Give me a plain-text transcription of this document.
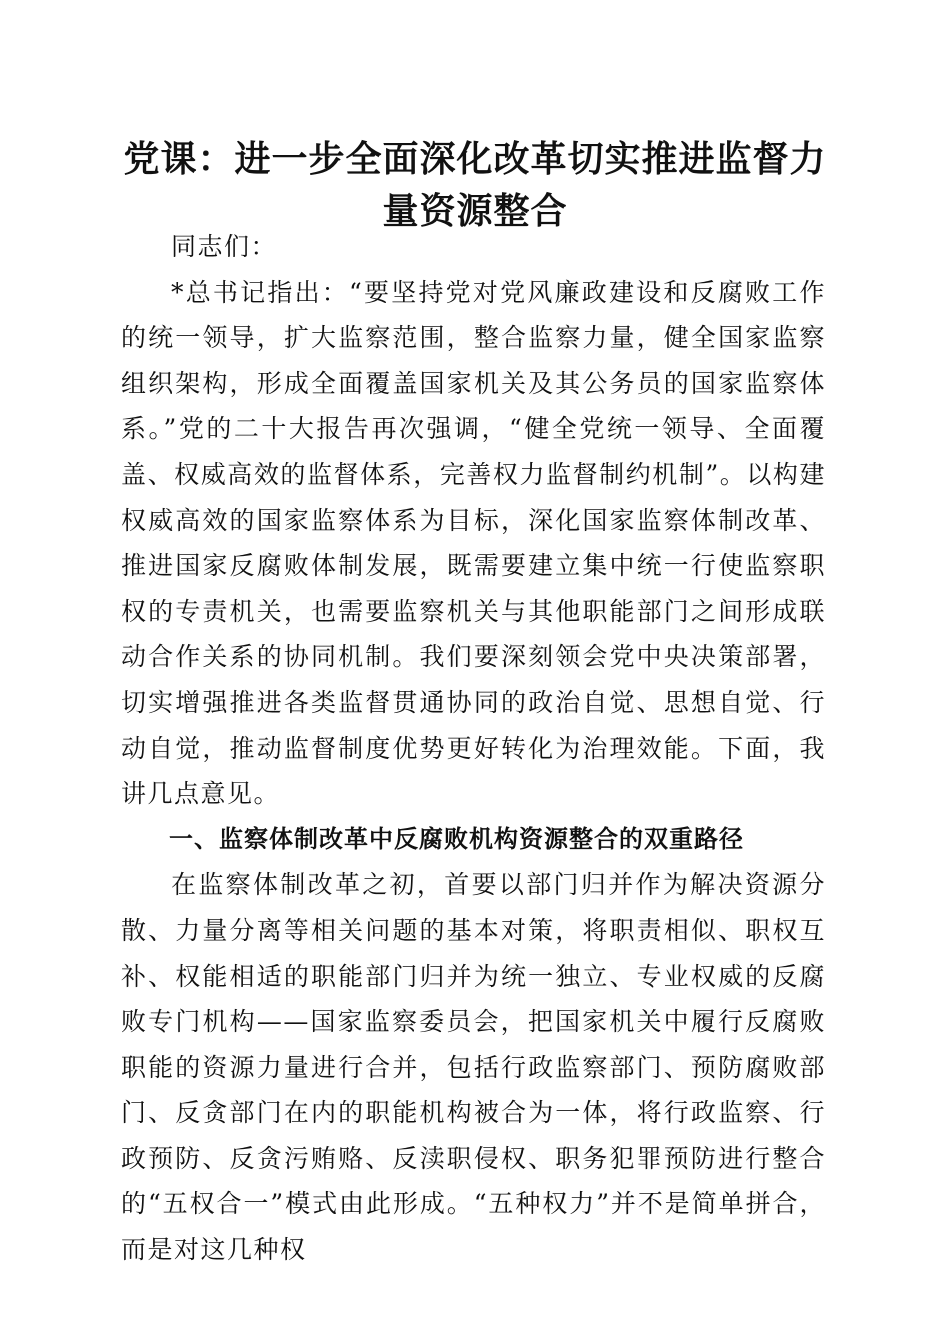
党课：进一步全面深化改革切实推进监督力量资源整合

同志们：

*总书记指出：“要坚持党对党风廉政建设和反腐败工作的统一领导，扩大监察范围，整合监察力量，健全国家监察组织架构，形成全面覆盖国家机关及其公务员的国家监察体系。”党的二十大报告再次强调，“健全党统一领导、全面覆盖、权威高效的监督体系，完善权力监督制约机制”。以构建权威高效的国家监察体系为目标，深化国家监察体制改革、推进国家反腐败体制发展，既需要建立集中统一行使监察职权的专责机关，也需要监察机关与其他职能部门之间形成联动合作关系的协同机制。我们要深刻领会党中央决策部署，切实增强推进各类监督贯通协同的政治自觉、思想自觉、行动自觉，推动监督制度优势更好转化为治理效能。下面，我讲几点意见。

一、监察体制改革中反腐败机构资源整合的双重路径

在监察体制改革之初，首要以部门归并作为解决资源分散、力量分离等相关问题的基本对策，将职责相似、职权互补、权能相适的职能部门归并为统一独立、专业权威的反腐败专门机构——国家监察委员会，把国家机关中履行反腐败职能的资源力量进行合并，包括行政监察部门、预防腐败部门、反贪部门在内的职能机构被合为一体，将行政监察、行政预防、反贪污贿赂、反渎职侵权、职务犯罪预防进行整合的“五权合一”模式由此形成。“五种权力”并不是简单拼合，而是对这几种权
